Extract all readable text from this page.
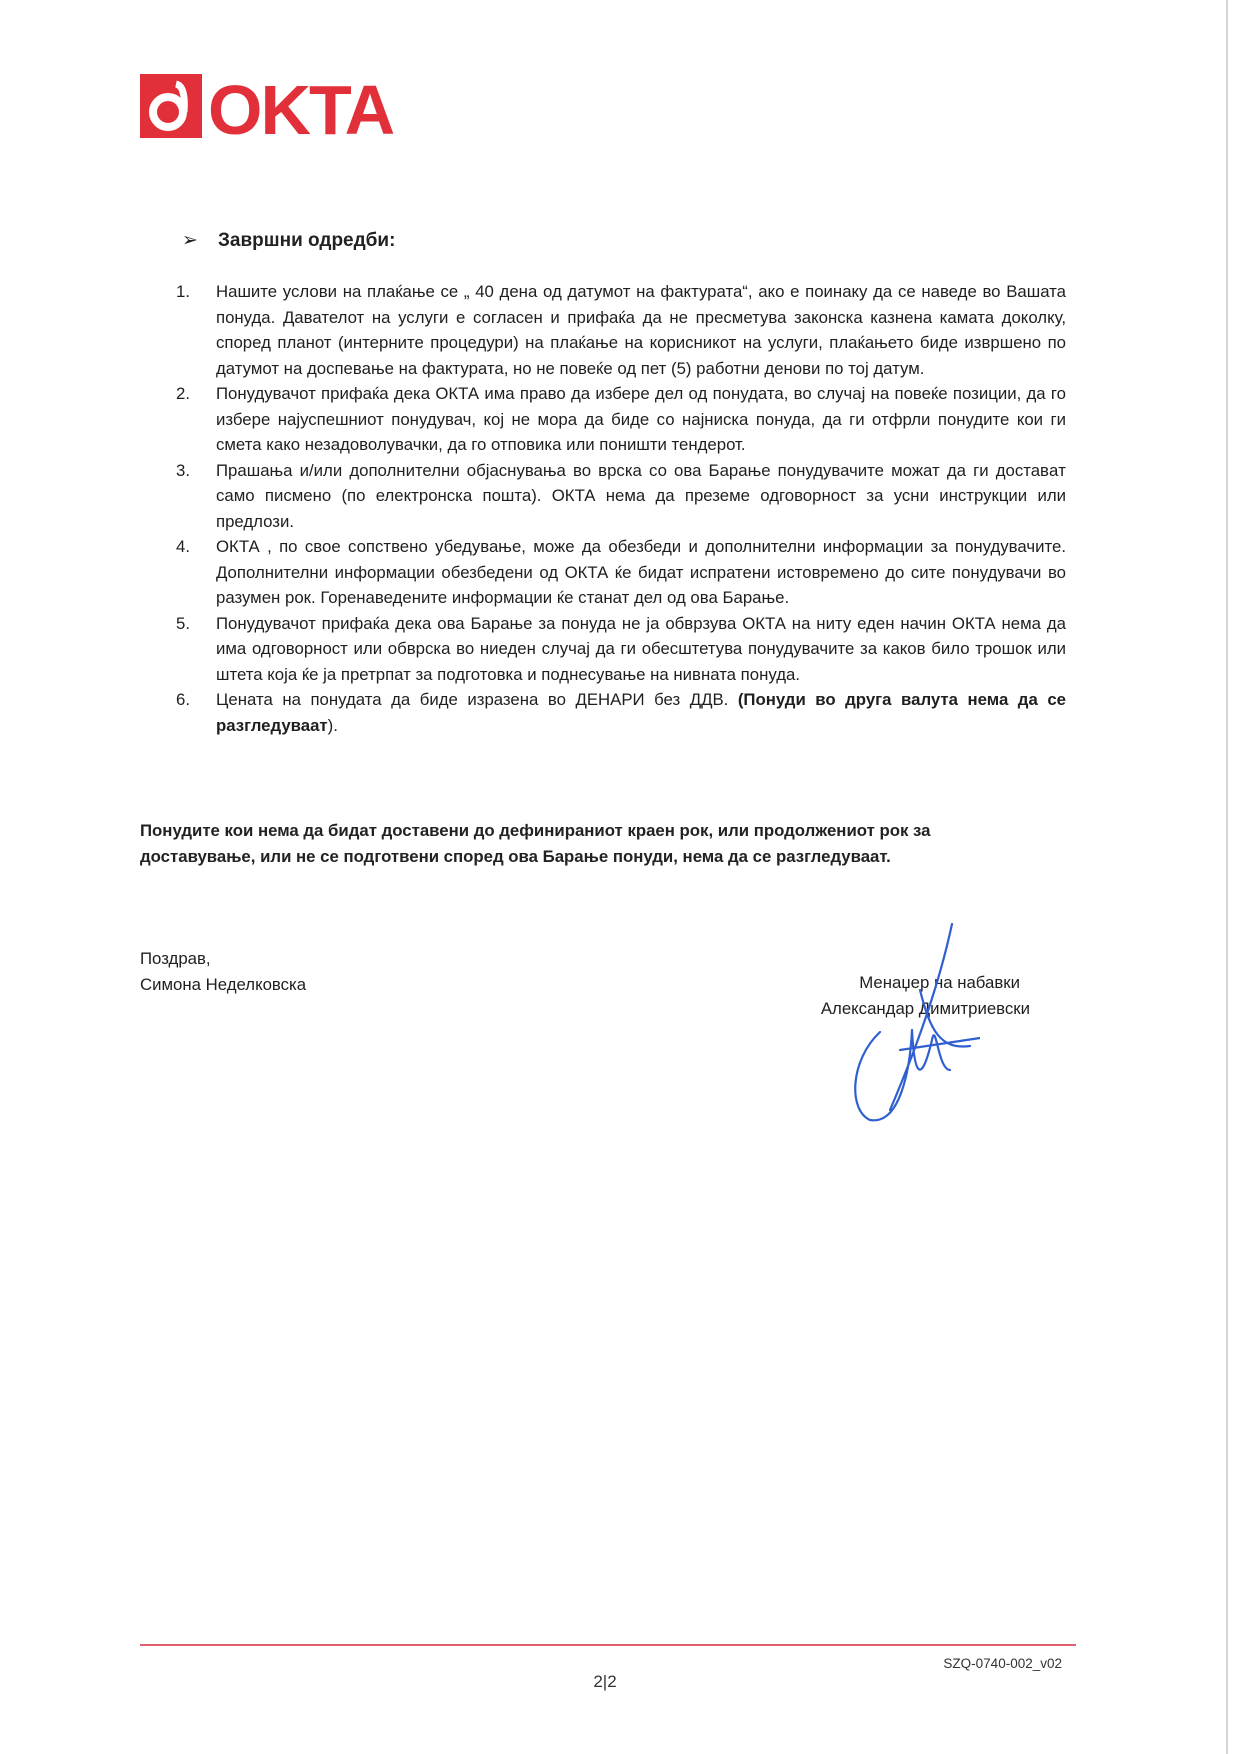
OKTA
➢ Завршни одредби:
1.	Нашите услови на плаќање се „ 40 дена од датумот на фактурата“, ако е поинаку да се наведе во Вашата понуда. Давателот на услуги е согласен и прифаќа да не пресметува законска казнена камата доколку, според планот (интерните процедури) на плаќање на корисникот на услуги, плаќањето биде извршено по датумот на доспевање на фактурата, но не повеќе од пет (5) работни денови по тој датум.
2.	Понудувачот прифаќа дека ОКТА има право да избере дел од понудата, во случај на повеќе позиции, да го избере најуспешниот понудувач, кој не мора да биде со најниска понуда, да ги отфрли понудите кои ги смета како незадоволувачки, да го отповика или поништи тендерот.
3.	Прашања и/или дополнителни објаснувања во врска со ова Барање понудувачите можат да ги доставaт само писмено (по електронска пошта). ОКТА нема да преземе одговорност за усни инструкции или предлози.
4.	ОКТА , по свое сопствено убедување, може да обезбеди и дополнителни информации за понудувачите. Дополнителни информации обезбедени од ОКТА ќе бидат испратени истовремено до сите понудувачи во разумен рок. Горенаведените информации ќе станат дел од ова Барање.
5.	Понудувачот прифаќа дека ова Барање за понуда не ја обврзува ОКТА на ниту еден начин ОКТА нема да има одговорност или обврска во ниеден случај да ги обесштетува понудувачите за каков било трошок или штета која ќе ја претрпат за подготовка и поднесување на нивната понуда.
6.	Цената на понудата да биде изразена во ДЕНАРИ без ДДВ. (Понуди во друга валута нема да се разгледуваат).
Понудите кои нема да бидат доставени до дефинираниот краен рок, или продолжениот рок за доставување, или не се подготвени според ова Барање понуди, нема да се разгледуваат.
Поздрав,
Симона Неделковска	Менаџер на набавки
Александар Димитриевски
SZQ-0740-002_v02
2|2
